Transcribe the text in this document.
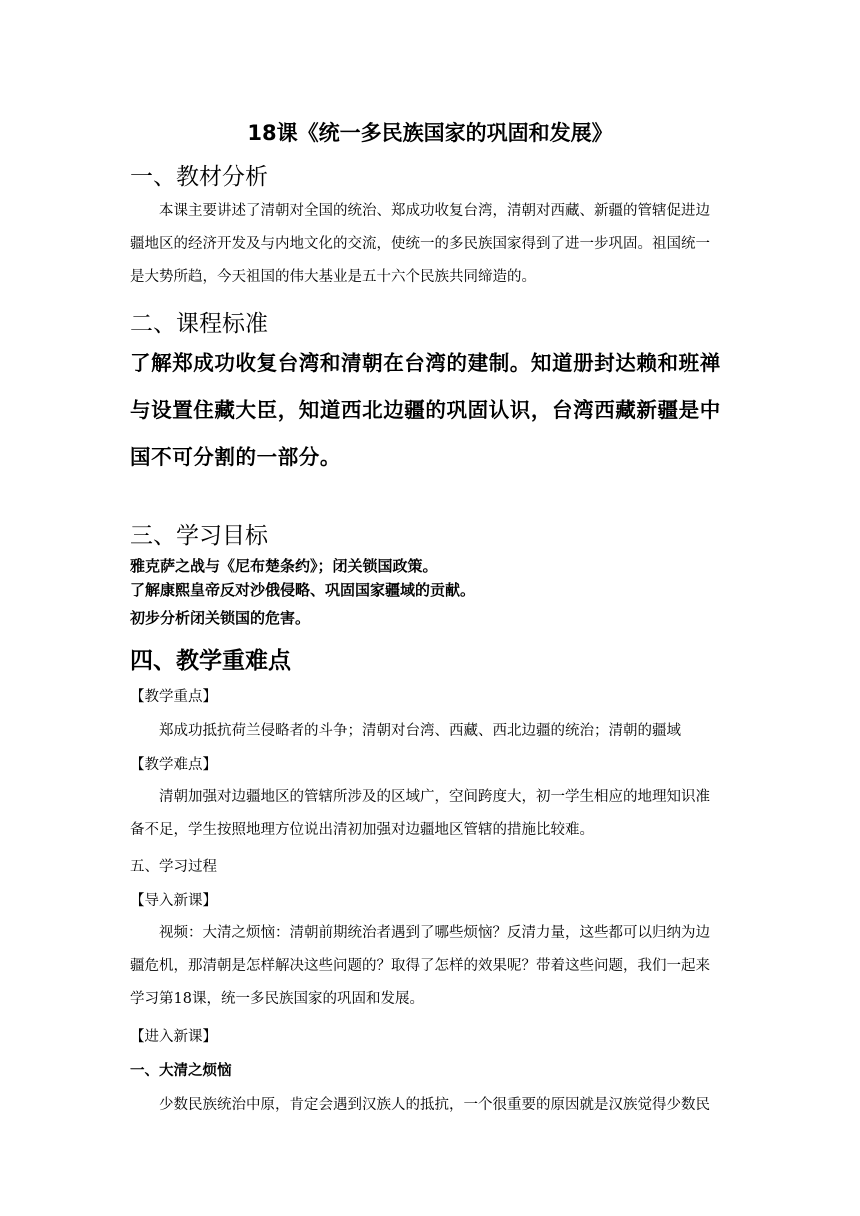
18课《统一多民族国家的巩固和发展》
一、教材分析
本课主要讲述了清朝对全国的统治、郑成功收复台湾，清朝对西藏、新疆的管辖促进边
疆地区的经济开发及与内地文化的交流，使统一的多民族国家得到了进一步巩固。祖国统一
是大势所趋，今天祖国的伟大基业是五十六个民族共同缔造的。
二、课程标准
了解郑成功收复台湾和清朝在台湾的建制。知道册封达赖和班禅
与设置住藏大臣，知道西北边疆的巩固认识，台湾西藏新疆是中
国不可分割的一部分。
三、学习目标
雅克萨之战与《尼布楚条约》；闭关锁国政策。
了解康熙皇帝反对沙俄侵略、巩固国家疆域的贡献。
初步分析闭关锁国的危害。
四、教学重难点
【教学重点】
郑成功抵抗荷兰侵略者的斗争；清朝对台湾、西藏、西北边疆的统治；清朝的疆域
【教学难点】
清朝加强对边疆地区的管辖所涉及的区域广，空间跨度大，初一学生相应的地理知识准
备不足，学生按照地理方位说出清初加强对边疆地区管辖的措施比较难。
五、学习过程
【导入新课】
视频：大清之烦恼：清朝前期统治者遇到了哪些烦恼？反清力量，这些都可以归纳为边
疆危机，那清朝是怎样解决这些问题的？取得了怎样的效果呢？带着这些问题，我们一起来
学习第18课，统一多民族国家的巩固和发展。
【进入新课】
一、大清之烦恼
少数民族统治中原，肯定会遇到汉族人的抵抗，一个很重要的原因就是汉族觉得少数民
